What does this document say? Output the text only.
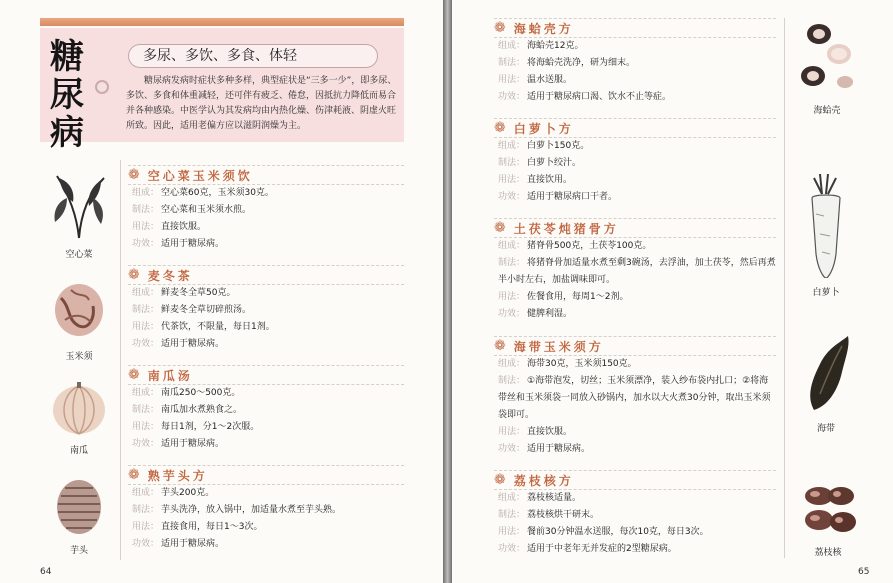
糖尿病
多尿、多饮、多食、体轻
糖尿病发病时症状多种多样，典型症状是“三多一少”，即多尿、多饮、多食和体重减轻，还可伴有疲乏、倦怠，因抵抗力降低而易合并各种感染。中医学认为其发病均由内热化燥、伤津耗液、阴虚火旺所致。因此，适用老偏方应以滋阴润燥为主。
空心菜
玉米须
南瓜
芋头
❁ 空心菜玉米须饮
组成： 空心菜60克，玉米须30克。
制法： 空心菜和玉米须水煎。
用法： 直接饮服。
功效： 适用于糖尿病。
❁ 麦冬茶
组成： 鲜麦冬全草50克。
制法： 鲜麦冬全草切碎煎汤。
用法： 代茶饮，不限量，每日1剂。
功效： 适用于糖尿病。
❁ 南瓜汤
组成： 南瓜250～500克。
制法： 南瓜加水煮熟食之。
用法： 每日1剂，分1～2次服。
功效： 适用于糖尿病。
❁ 熟芋头方
组成： 芋头200克。
制法： 芋头洗净，放入锅中，加适量水煮至芋头熟。
用法： 直接食用，每日1～3次。
功效： 适用于糖尿病。
64
❁ 海蛤壳方
组成： 海蛤壳12克。
制法： 将海蛤壳洗净，研为细末。
用法： 温水送服。
功效： 适用于糖尿病口渴、饮水不止等症。
❁ 白萝卜方
组成： 白萝卜150克。
制法： 白萝卜绞汁。
用法： 直接饮用。
功效： 适用于糖尿病口干者。
❁ 土茯苓炖猪骨方
组成： 猪脊骨500克，土茯苓100克。
制法： 将猪脊骨加适量水煮至剩3碗汤，去浮油，加土茯苓，然后再煮半小时左右，加盐调味即可。
用法： 佐餐食用，每周1～2剂。
功效： 健脾利湿。
❁ 海带玉米须方
组成： 海带30克，玉米须150克。
制法： ①海带泡发，切丝；玉米须漂净，装入纱布袋内扎口；②将海带丝和玉米须袋一同放入砂锅内，加水以大火煮30分钟，取出玉米须袋即可。
用法： 直接饮服。
功效： 适用于糖尿病。
❁ 荔枝核方
组成： 荔枝核适量。
制法： 荔枝核烘干研末。
用法： 餐前30分钟温水送服，每次10克，每日3次。
功效： 适用于中老年无并发症的2型糖尿病。
海蛤壳
白萝卜
海带
荔枝核
65
